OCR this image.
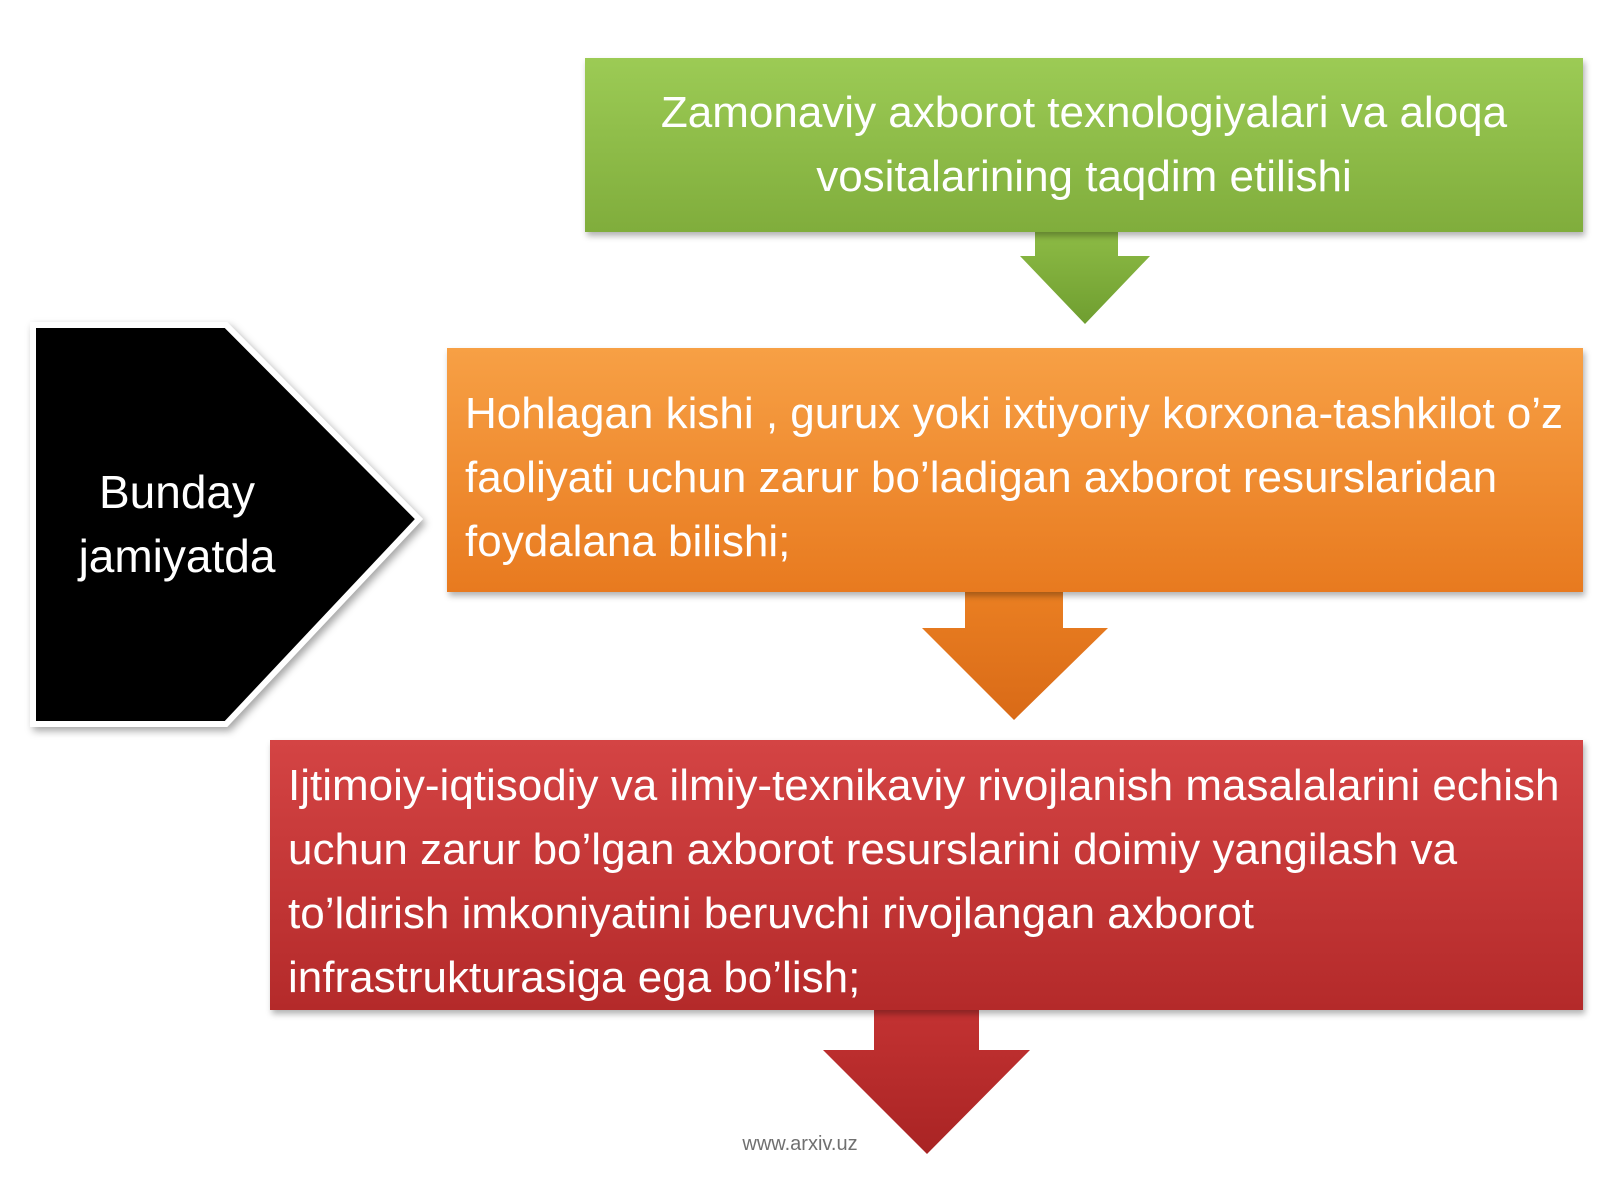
Bunday jamiyatda
Zamonaviy axborot texnologiyalari va aloqa vositalarining taqdim etilishi
Hohlagan kishi , gurux yoki ixtiyoriy korxona-tashkilot o’z faoliyati uchun zarur bo’ladigan axborot resurslaridan foydalana bilishi;
Ijtimoiy-iqtisodiy va ilmiy-texnikaviy rivojlanish masalalarini echish uchun zarur bo’lgan axborot resurslarini doimiy yangilash va to’ldirish imkoniyatini beruvchi rivojlangan axborot infrastrukturasiga ega bo’lish;
www.arxiv.uz
